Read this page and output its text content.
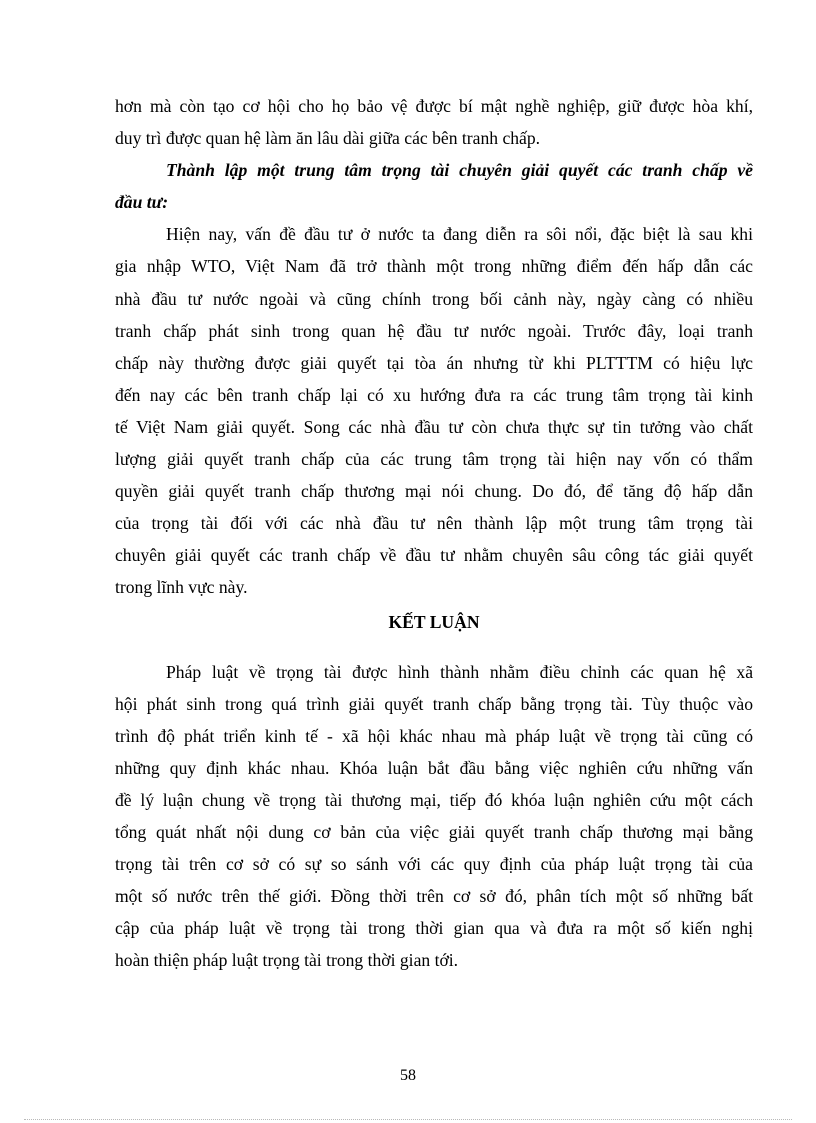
hơn mà còn tạo cơ hội cho họ bảo vệ được bí mật nghề nghiệp, giữ được hòa khí,
duy trì được quan hệ làm ăn lâu dài giữa các bên tranh chấp.
Thành lập một trung tâm trọng tài chuyên giải quyết các tranh chấp về
đầu tư:
Hiện nay, vấn đề đầu tư ở nước ta đang diễn ra sôi nổi, đặc biệt là sau khi
gia nhập WTO, Việt Nam đã trở thành một trong những điểm đến hấp dẫn các
nhà đầu tư nước ngoài và cũng chính trong bối cảnh này, ngày càng có nhiều
tranh chấp phát sinh trong quan hệ đầu tư nước ngoài. Trước đây, loại tranh
chấp này thường được giải quyết tại tòa án nhưng từ khi PLTTTM có hiệu lực
đến nay các bên tranh chấp lại có xu hướng đưa ra các trung tâm trọng tài kinh
tế Việt Nam giải quyết. Song các nhà đầu tư còn chưa thực sự tin tưởng vào chất
lượng giải quyết tranh chấp của các trung tâm trọng tài hiện nay vốn có thẩm
quyền giải quyết tranh chấp thương mại nói chung. Do đó, để tăng độ hấp dẫn
của trọng tài đối với các nhà đầu tư nên thành lập một trung tâm trọng tài
chuyên giải quyết các tranh chấp về đầu tư nhằm chuyên sâu công tác giải quyết
trong lĩnh vực này.
KẾT LUẬN
Pháp luật về trọng tài được hình thành nhằm điều chỉnh các quan hệ xã
hội phát sinh trong quá trình giải quyết tranh chấp bằng trọng tài. Tùy thuộc vào
trình độ phát triển kinh tế - xã hội khác nhau mà pháp luật về trọng tài cũng có
những quy định khác nhau. Khóa luận bắt đầu bằng việc nghiên cứu những vấn
đề lý luận chung về trọng tài thương mại, tiếp đó khóa luận nghiên cứu một cách
tổng quát nhất nội dung cơ bản của việc giải quyết tranh chấp thương mại bằng
trọng tài trên cơ sở có sự so sánh với các quy định của pháp luật trọng tài của
một số nước trên thế giới. Đồng thời trên cơ sở đó, phân tích một số những bất
cập của pháp luật về trọng tài trong thời gian qua và đưa ra một số kiến nghị
hoàn thiện pháp luật trọng tài trong thời gian tới.
58
